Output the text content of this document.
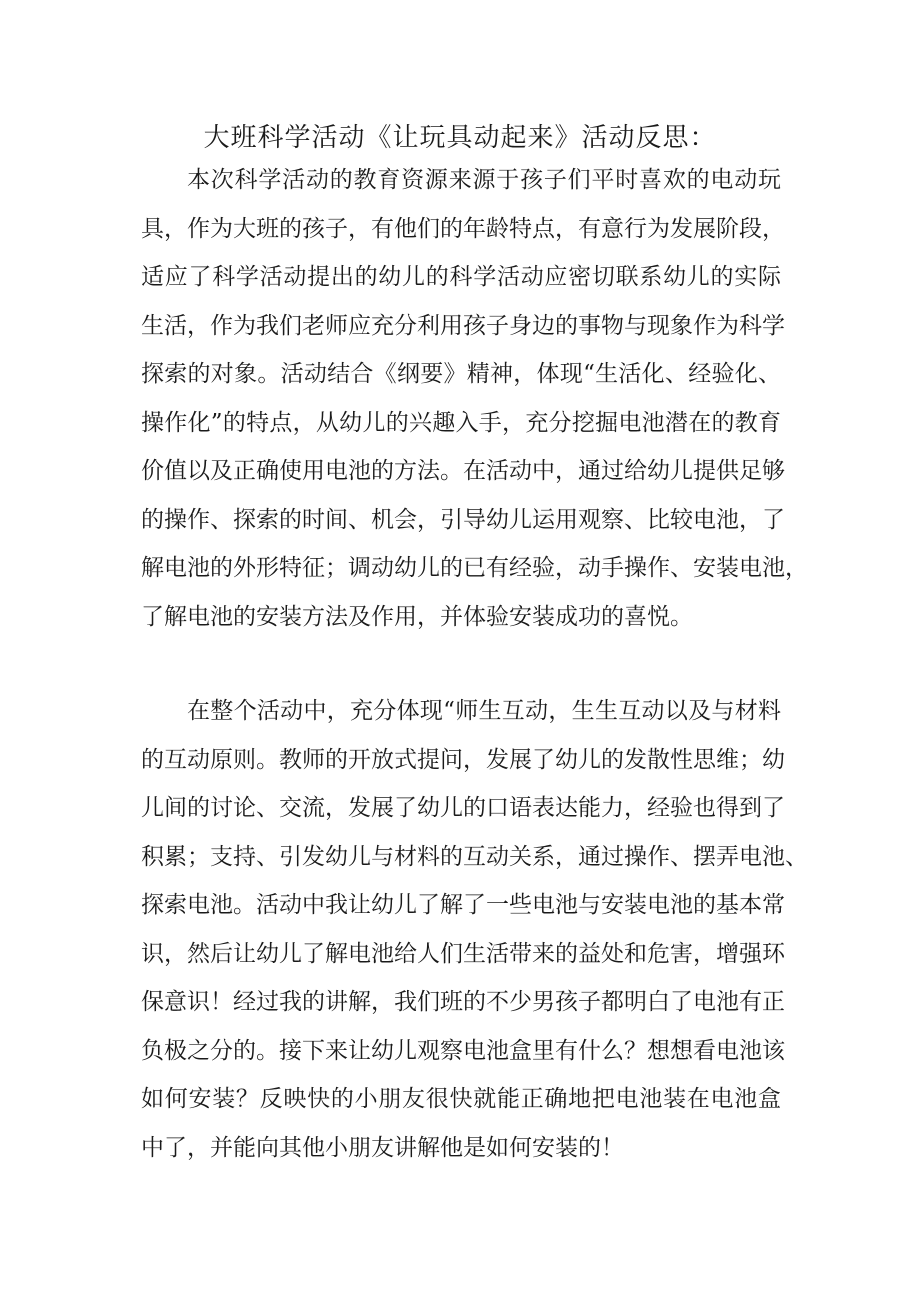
大班科学活动《让玩具动起来》活动反思：
本次科学活动的教育资源来源于孩子们平时喜欢的电动玩
具，作为大班的孩子，有他们的年龄特点，有意行为发展阶段，
适应了科学活动提出的幼儿的科学活动应密切联系幼儿的实际
生活，作为我们老师应充分利用孩子身边的事物与现象作为科学
探索的对象。活动结合《纲要》精神，体现“生活化、经验化、
操作化”的特点，从幼儿的兴趣入手，充分挖掘电池潜在的教育
价值以及正确使用电池的方法。在活动中，通过给幼儿提供足够
的操作、探索的时间、机会，引导幼儿运用观察、比较电池，了
解电池的外形特征；调动幼儿的已有经验，动手操作、安装电池，
了解电池的安装方法及作用，并体验安装成功的喜悦。
在整个活动中，充分体现“师生互动，生生互动以及与材料
的互动原则。教师的开放式提问，发展了幼儿的发散性思维；幼
儿间的讨论、交流，发展了幼儿的口语表达能力，经验也得到了
积累；支持、引发幼儿与材料的互动关系，通过操作、摆弄电池、
探索电池。活动中我让幼儿了解了一些电池与安装电池的基本常
识，然后让幼儿了解电池给人们生活带来的益处和危害，增强环
保意识！经过我的讲解，我们班的不少男孩子都明白了电池有正
负极之分的。接下来让幼儿观察电池盒里有什么？想想看电池该
如何安装？反映快的小朋友很快就能正确地把电池装在电池盒
中了，并能向其他小朋友讲解他是如何安装的！
